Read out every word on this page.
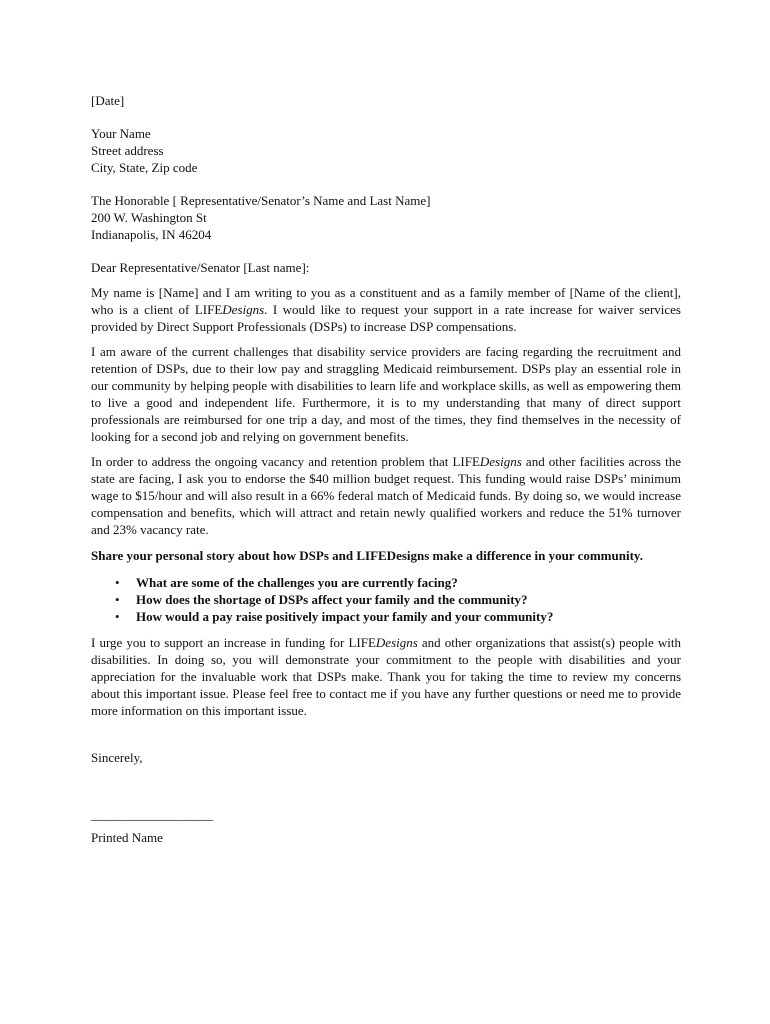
[Date]
Your Name
Street address
City, State, Zip code
The Honorable [ Representative/Senator’s Name and Last Name]
200 W. Washington St
Indianapolis, IN 46204
Dear Representative/Senator [Last name]:

My name is [Name] and I am writing to you as a constituent and as a family member of [Name of the client], who is a client of LIFEDesigns. I would like to request your support in a rate increase for waiver services provided by Direct Support Professionals (DSPs) to increase DSP compensations.

I am aware of the current challenges that disability service providers are facing regarding the recruitment and retention of DSPs, due to their low pay and straggling Medicaid reimbursement. DSPs play an essential role in our community by helping people with disabilities to learn life and workplace skills, as well as empowering them to live a good and independent life. Furthermore, it is to my understanding that many of direct support professionals are reimbursed for one trip a day, and most of the times, they find themselves in the necessity of looking for a second job and relying on government benefits.

In order to address the ongoing vacancy and retention problem that LIFEDesigns and other facilities across the state are facing, I ask you to endorse the $40 million budget request. This funding would raise DSPs’ minimum wage to $15/hour and will also result in a 66% federal match of Medicaid funds. By doing so, we would increase compensation and benefits, which will attract and retain newly qualified workers and reduce the 51% turnover and 23% vacancy rate.

Share your personal story about how DSPs and LIFEDesigns make a difference in your community.
• What are some of the challenges you are currently facing?
• How does the shortage of DSPs affect your family and the community?
• How would a pay raise positively impact your family and your community?

I urge you to support an increase in funding for LIFEDesigns and other organizations that assist(s) people with disabilities. In doing so, you will demonstrate your commitment to the people with disabilities and your appreciation for the invaluable work that DSPs make. Thank you for taking the time to review my concerns about this important issue. Please feel free to contact me if you have any further questions or need me to provide more information on this important issue.

Sincerely,
______________________
Printed Name
